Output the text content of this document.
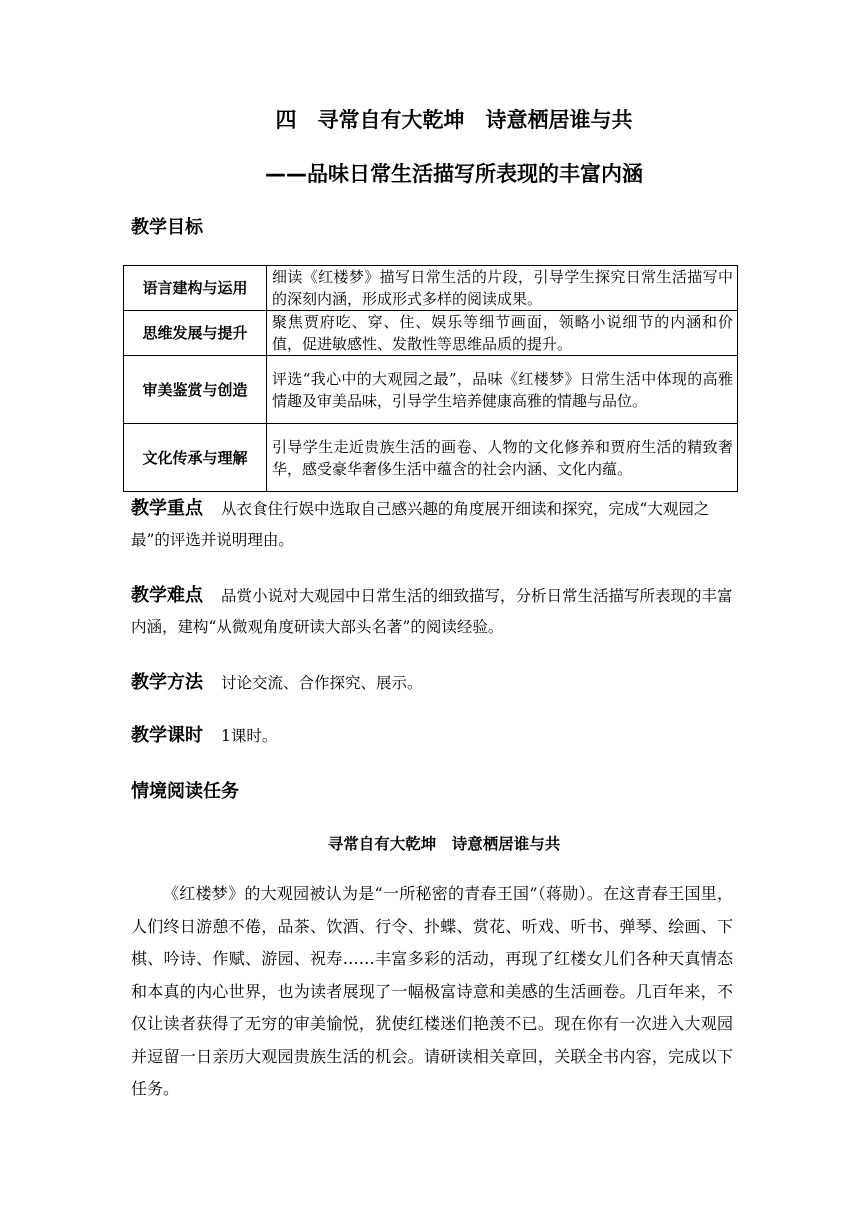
四　寻常自有大乾坤　诗意栖居谁与共
——品味日常生活描写所表现的丰富内涵
教学目标
语言建构与运用	细读《红楼梦》描写日常生活的片段，引导学生探究日常生活描写中的深刻内涵，形成形式多样的阅读成果。
思维发展与提升	聚焦贾府吃、穿、住、娱乐等细节画面，领略小说细节的内涵和价值，促进敏感性、发散性等思维品质的提升。
审美鉴赏与创造	评选“我心中的大观园之最”，品味《红楼梦》日常生活中体现的高雅情趣及审美品味，引导学生培养健康高雅的情趣与品位。
文化传承与理解	引导学生走近贵族生活的画卷、人物的文化修养和贾府生活的精致奢华，感受豪华奢侈生活中蕴含的社会内涵、文化内蕴。
教学重点 从衣食住行娱中选取自己感兴趣的角度展开细读和探究，完成“大观园之最”的评选并说明理由。
教学难点 品赏小说对大观园中日常生活的细致描写，分析日常生活描写所表现的丰富内涵，建构“从微观角度研读大部头名著”的阅读经验。
教学方法 讨论交流、合作探究、展示。
教学课时 1课时。
情境阅读任务
寻常自有大乾坤　诗意栖居谁与共
《红楼梦》的大观园被认为是“一所秘密的青春王国”（蒋勋）。在这青春王国里，人们终日游憩不倦，品茶、饮酒、行令、扑蝶、赏花、听戏、听书、弹琴、绘画、下棋、吟诗、作赋、游园、祝寿……丰富多彩的活动，再现了红楼女儿们各种天真情态和本真的内心世界，也为读者展现了一幅极富诗意和美感的生活画卷。几百年来，不仅让读者获得了无穷的审美愉悦，犹使红楼迷们艳羡不已。现在你有一次进入大观园并逗留一日亲历大观园贵族生活的机会。请研读相关章回，关联全书内容，完成以下任务。
